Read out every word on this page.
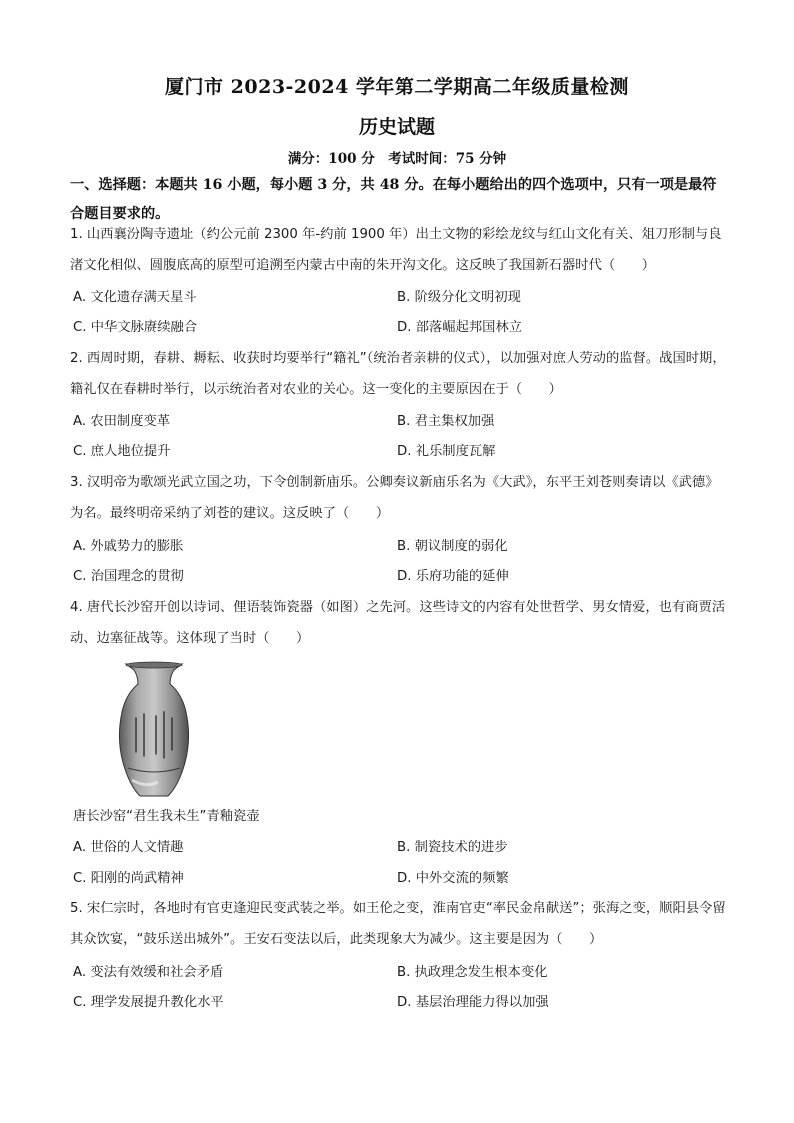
厦门市 2023-2024 学年第二学期高二年级质量检测
历史试题
满分：100 分　考试时间：75 分钟
一、选择题：本题共 16 小题，每小题 3 分，共 48 分。在每小题给出的四个选项中，只有一项是最符合题目要求的。
1. 山西襄汾陶寺遗址（约公元前 2300 年-约前 1900 年）出土文物的彩绘龙纹与红山文化有关、俎刀形制与良渚文化相似、圆腹底高的原型可追溯至内蒙古中南的朱开沟文化。这反映了我国新石器时代（　　）
A. 文化遗存满天星斗	B. 阶级分化文明初现
C. 中华文脉赓续融合	D. 部落崛起邦国林立
2. 西周时期，春耕、耨耘、收获时均要举行“籍礼”（统治者亲耕的仪式），以加强对庶人劳动的监督。战国时期，籍礼仅在春耕时举行，以示统治者对农业的关心。这一变化的主要原因在于（　　）
A. 农田制度变革	B. 君主集权加强
C. 庶人地位提升	D. 礼乐制度瓦解
3. 汉明帝为歌颂光武立国之功，下令创制新庙乐。公卿奏议新庙乐名为《大武》，东平王刘苍则奏请以《武德》为名。最终明帝采纳了刘苍的建议。这反映了（　　）
A. 外戚势力的膨胀	B. 朝议制度的弱化
C. 治国理念的贯彻	D. 乐府功能的延伸
4. 唐代长沙窑开创以诗词、俚语装饰瓷器（如图）之先河。这些诗文的内容有处世哲学、男女情爱，也有商贾活动、边塞征战等。这体现了当时（　　）
唐长沙窑“君生我未生”青釉瓷壶
A. 世俗的人文情趣	B. 制瓷技术的进步
C. 阳刚的尚武精神	D. 中外交流的频繁
5. 宋仁宗时，各地时有官吏逢迎民变武装之举。如王伦之变，淮南官吏“率民金帛献送”；张海之变，顺阳县令留其众饮宴，“鼓乐送出城外”。王安石变法以后，此类现象大为减少。这主要是因为（　　）
A. 变法有效缓和社会矛盾	B. 执政理念发生根本变化
C. 理学发展提升教化水平	D. 基层治理能力得以加强
